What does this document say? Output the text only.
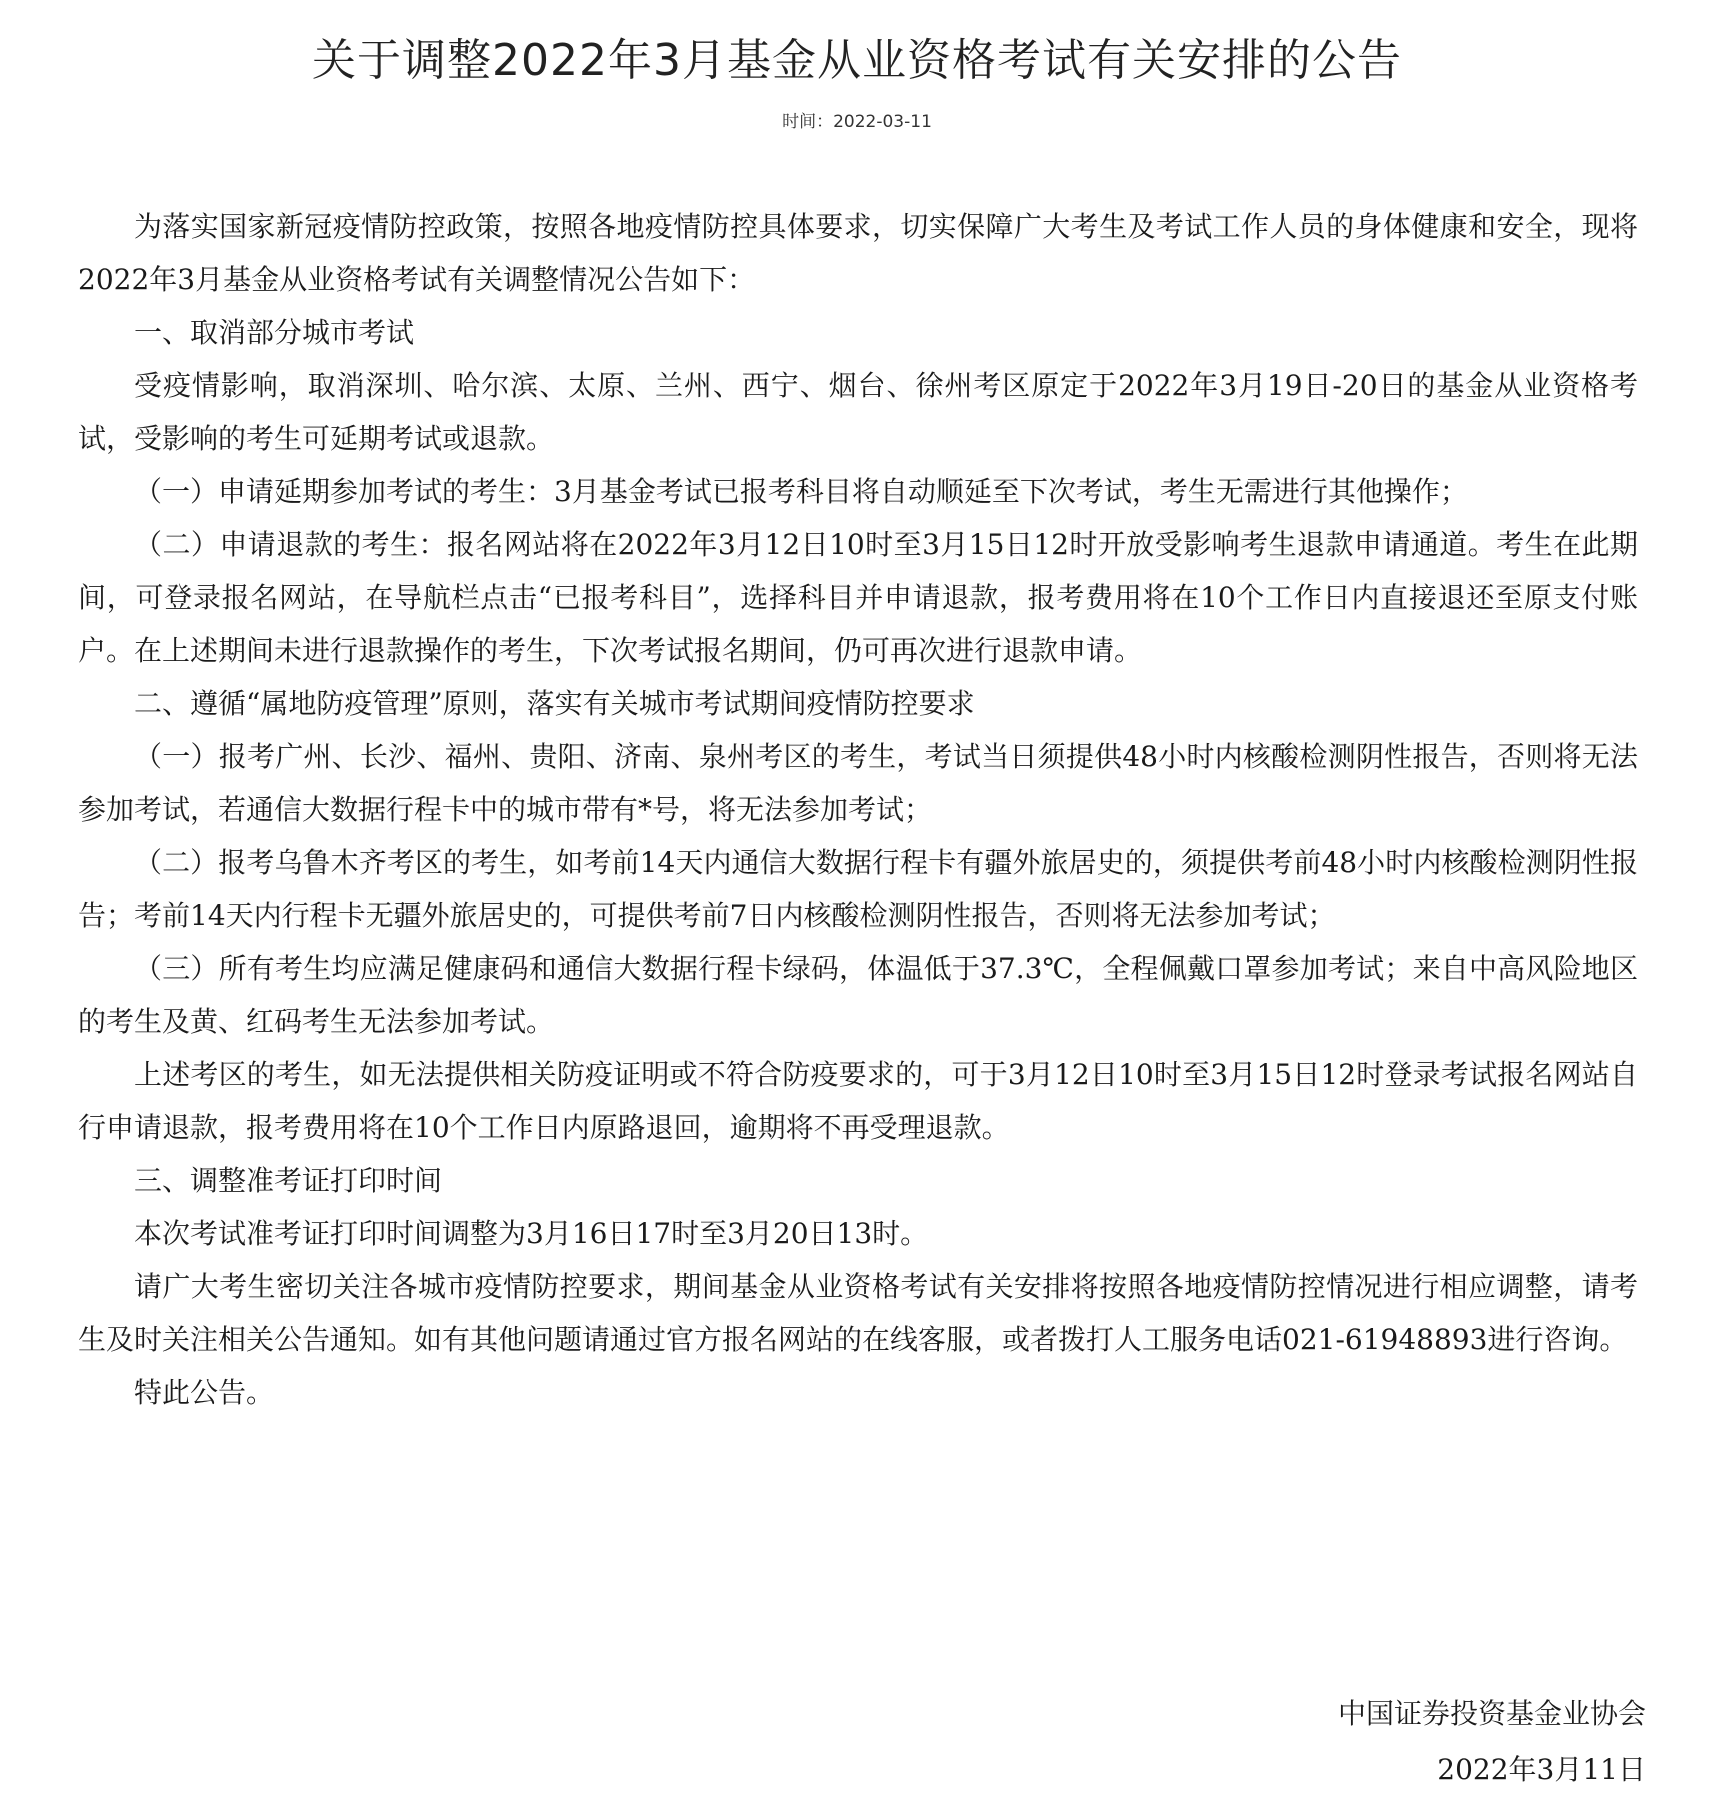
关于调整2022年3月基金从业资格考试有关安排的公告
时间：2022-03-11

为落实国家新冠疫情防控政策，按照各地疫情防控具体要求，切实保障广大考生及考试工作人员的身体健康和安全，现将2022年3月基金从业资格考试有关调整情况公告如下：

一、取消部分城市考试

受疫情影响，取消深圳、哈尔滨、太原、兰州、西宁、烟台、徐州考区原定于2022年3月19日-20日的基金从业资格考试，受影响的考生可延期考试或退款。

（一）申请延期参加考试的考生：3月基金考试已报考科目将自动顺延至下次考试，考生无需进行其他操作；

（二）申请退款的考生：报名网站将在2022年3月12日10时至3月15日12时开放受影响考生退款申请通道。考生在此期间，可登录报名网站，在导航栏点击“已报考科目”，选择科目并申请退款，报考费用将在10个工作日内直接退还至原支付账户。在上述期间未进行退款操作的考生，下次考试报名期间，仍可再次进行退款申请。

二、遵循“属地防疫管理”原则，落实有关城市考试期间疫情防控要求

（一）报考广州、长沙、福州、贵阳、济南、泉州考区的考生，考试当日须提供48小时内核酸检测阴性报告，否则将无法参加考试，若通信大数据行程卡中的城市带有*号，将无法参加考试；

（二）报考乌鲁木齐考区的考生，如考前14天内通信大数据行程卡有疆外旅居史的，须提供考前48小时内核酸检测阴性报告；考前14天内行程卡无疆外旅居史的，可提供考前7日内核酸检测阴性报告，否则将无法参加考试；

（三）所有考生均应满足健康码和通信大数据行程卡绿码，体温低于37.3℃，全程佩戴口罩参加考试；来自中高风险地区的考生及黄、红码考生无法参加考试。

上述考区的考生，如无法提供相关防疫证明或不符合防疫要求的，可于3月12日10时至3月15日12时登录考试报名网站自行申请退款，报考费用将在10个工作日内原路退回，逾期将不再受理退款。

三、调整准考证打印时间

本次考试准考证打印时间调整为3月16日17时至3月20日13时。

请广大考生密切关注各城市疫情防控要求，期间基金从业资格考试有关安排将按照各地疫情防控情况进行相应调整，请考生及时关注相关公告通知。如有其他问题请通过官方报名网站的在线客服，或者拨打人工服务电话021-61948893进行咨询。

特此公告。

中国证券投资基金业协会
2022年3月11日
